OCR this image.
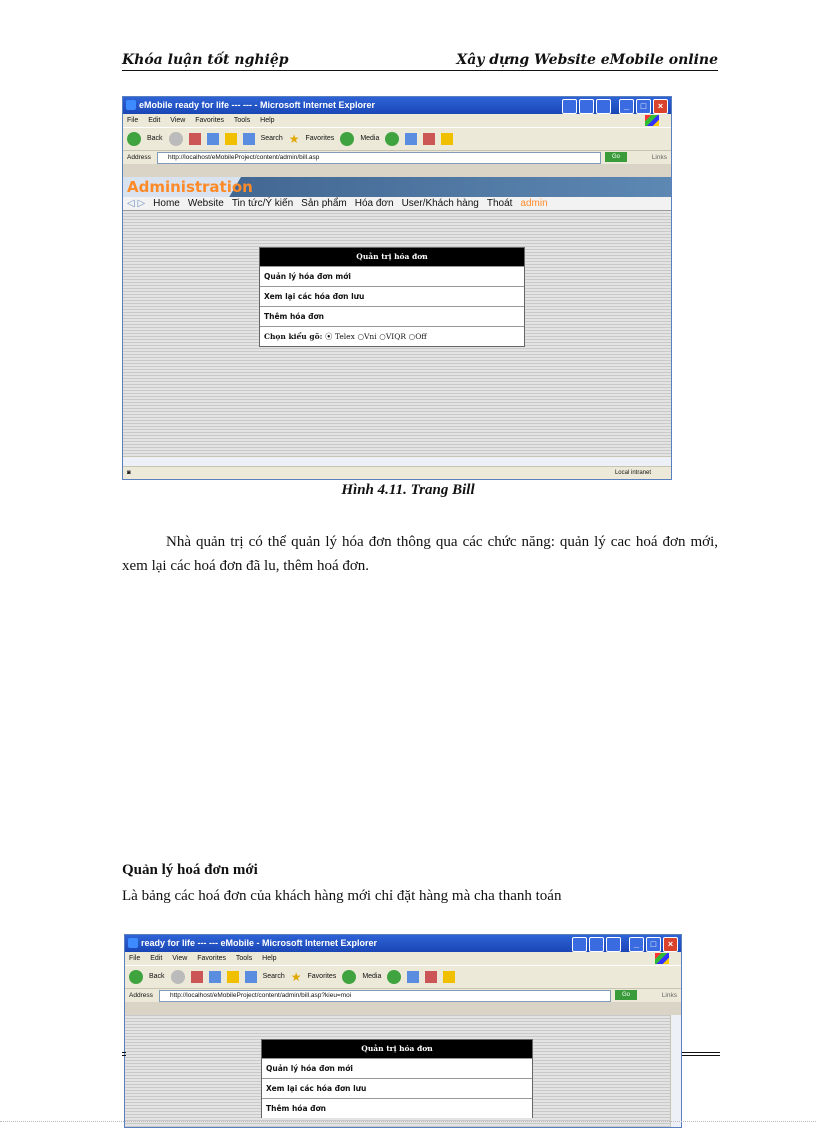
Khóa luận tốt nghiệp	Xây dựng Website eMobile online
eMobile ready for life --- --- - Microsoft Internet Explorer	_	□	×
File Edit View Favorites Tools Help
Back	Search ★ Favorites	Media
Address	http://localhost/eMobileProject/content/admin/bill.asp	Go	Links
Administration
◁ ▷ Home Website Tin tức/Ý kiến Sản phẩm Hóa đơn User/Khách hàng Thoát admin
Quản trị hóa đơn
Quản lý hóa đơn mới
Xem lại các hóa đơn lưu
Thêm hóa đơn
Chọn kiểu gõ: ⦿ Telex ○Vni ○VIQR ○Off
◙	Local intranet
Hình 4.11. Trang Bill
Nhà quản trị có thể quản lý hóa đơn thông qua các chức năng: quản lý cac hoá đơn mới, xem lại các hoá đơn đã lu, thêm hoá đơn.
Quản lý hoá đơn mới
Là bảng các hoá đơn của khách hàng mới chỉ đặt hàng mà cha thanh toán
ready for life --- --- eMobile - Microsoft Internet Explorer	_	□	×
File Edit View Favorites Tools Help
Back	Search ★ Favorites	Media
Address	http://localhost/eMobileProject/content/admin/bill.asp?kieu=moi	Go	Links
Quản trị hóa đơn
Quản lý hóa đơn mới
Xem lại các hóa đơn lưu
Thêm hóa đơn
